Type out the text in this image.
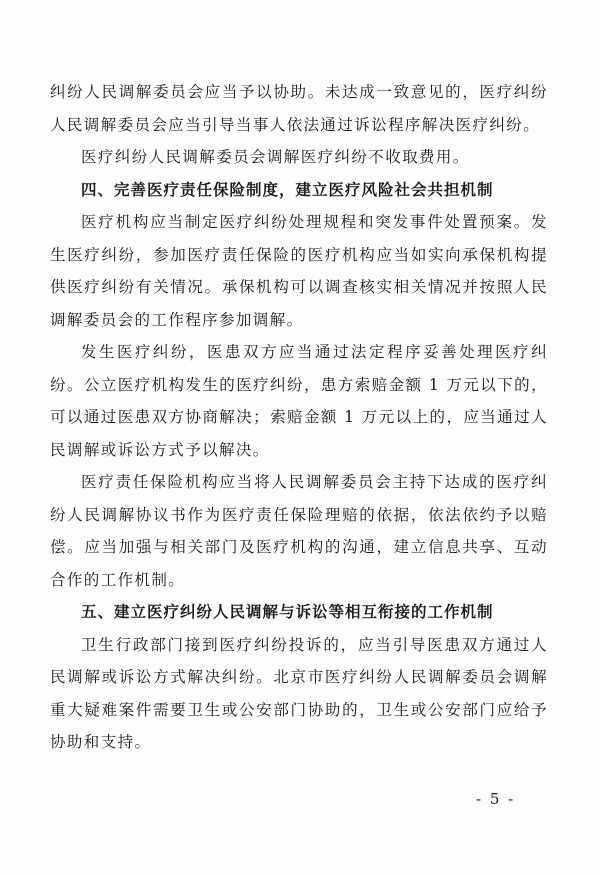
纠纷人民调解委员会应当予以协助。未达成一致意见的，医疗纠纷人民调解委员会应当引导当事人依法通过诉讼程序解决医疗纠纷。

医疗纠纷人民调解委员会调解医疗纠纷不收取费用。

四、完善医疗责任保险制度，建立医疗风险社会共担机制

医疗机构应当制定医疗纠纷处理规程和突发事件处置预案。发生医疗纠纷，参加医疗责任保险的医疗机构应当如实向承保机构提供医疗纠纷有关情况。承保机构可以调查核实相关情况并按照人民调解委员会的工作程序参加调解。

发生医疗纠纷，医患双方应当通过法定程序妥善处理医疗纠纷。公立医疗机构发生的医疗纠纷，患方索赔金额 1 万元以下的，可以通过医患双方协商解决；索赔金额 1 万元以上的，应当通过人民调解或诉讼方式予以解决。

医疗责任保险机构应当将人民调解委员会主持下达成的医疗纠纷人民调解协议书作为医疗责任保险理赔的依据，依法依约予以赔偿。应当加强与相关部门及医疗机构的沟通，建立信息共享、互动合作的工作机制。

五、建立医疗纠纷人民调解与诉讼等相互衔接的工作机制

卫生行政部门接到医疗纠纷投诉的，应当引导医患双方通过人民调解或诉讼方式解决纠纷。北京市医疗纠纷人民调解委员会调解重大疑难案件需要卫生或公安部门协助的，卫生或公安部门应给予协助和支持。

- 5 -
